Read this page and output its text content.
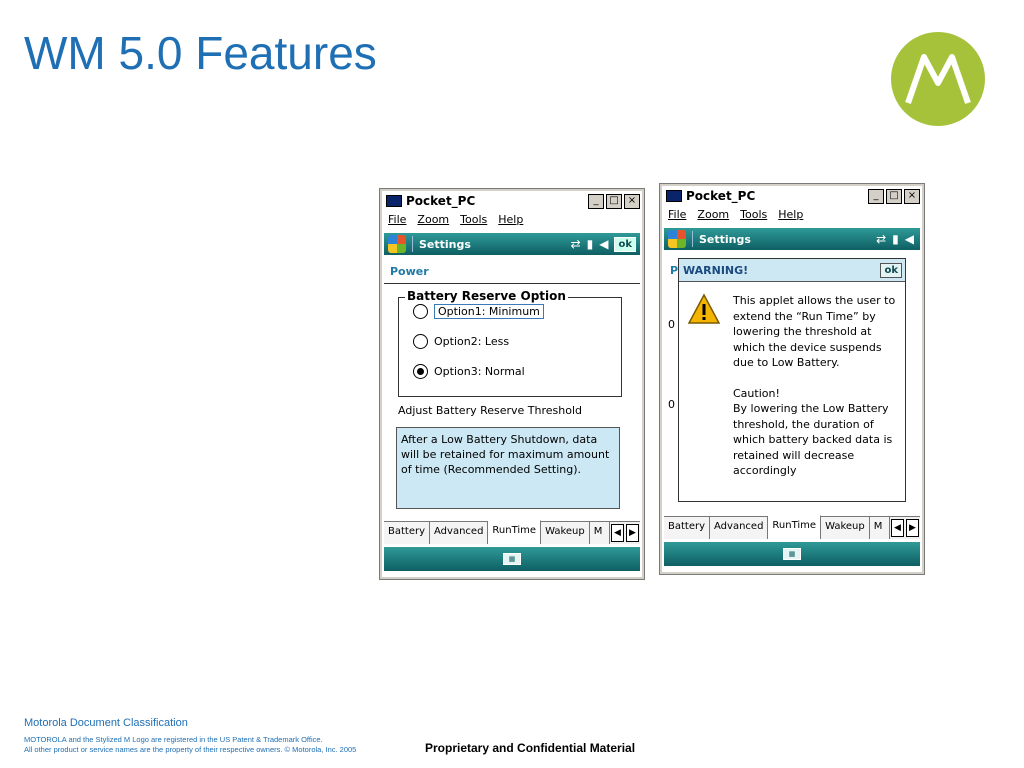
WM 5.0 Features
Pocket_PC	_	□ ×
File Zoom Tools Help
Settings	⇄ ▮ ◀	ok
Power
Battery Reserve Option
Option1: Minimum
Option2: Less
Option3: Normal
Adjust Battery Reserve Threshold
After a Low Battery Shutdown, data will be retained for maximum amount of time (Recommended Setting).
Battery Advanced RunTime Wakeup M	◀ ▶
▦
Pocket_PC	_	□ ×
File Zoom Tools Help
Settings	⇄ ▮ ◀
P
0
0
WARNING!	ok
This applet allows the user to extend the “Run Time” by lowering the threshold at which the device suspends due to Low Battery.
Caution!
By lowering the Low Battery threshold, the duration of which battery backed data is retained will decrease accordingly
Battery Advanced RunTime Wakeup M	◀ ▶
▦
Motorola Document Classification
MOTOROLA and the Stylized M Logo are registered in the US Patent & Trademark Office.
All other product or service names are the property of their respective owners. © Motorola, Inc. 2005	Proprietary and Confidential Material
